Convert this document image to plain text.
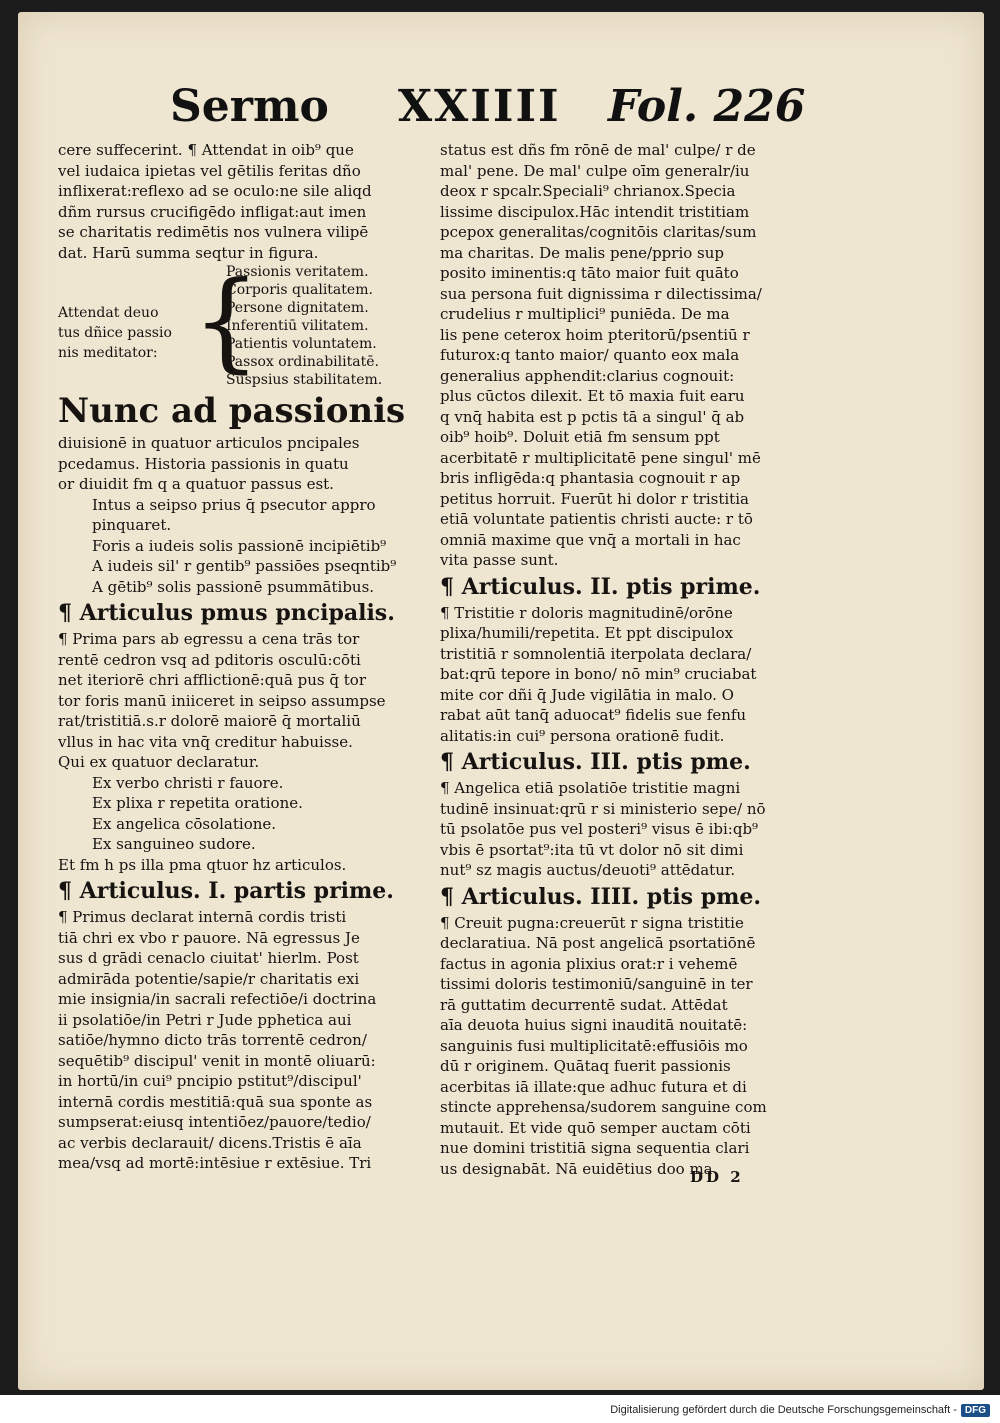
Sermo XXIIII Fol. 226
cere suffecerint. ¶ Attendat in oib⁹ que
vel iudaica ipietas vel gētilis feritas dño
inflixerat:reflexo ad se oculo:ne sile aliqd
dñm rursus crucifigēdo infligat:aut imen
se charitatis redimētis nos vulnera vilipē
dat. Harū summa seqtur in figura.
Attendat deuo
tus dñice passio
nis meditator: {
Passionis veritatem.
Corporis qualitatem.
Persone dignitatem.
Inferentiū vilitatem.
Patientis voluntatem.
Passox ordinabilitatē.
Suspsius stabilitatem.
Nunc ad passionis
diuisionē in quatuor articulos pncipales
pcedamus. Historia passionis in quatu
or diuidit fm q a quatuor passus est.
Intus a seipso prius q̄ psecutor appro
pinquaret.
Foris a iudeis solis passionē incipiētib⁹
A iudeis sil' r gentib⁹ passiōes pseqntib⁹
A gētib⁹ solis passionē psummātibus.
¶ Articulus pmus pncipalis.
¶ Prima pars ab egressu a cena trās tor
rentē cedron vsq ad pditoris osculū:cōti
net iteriorē chri afflictionē:quā pus q̄ tor
tor foris manū iniiceret in seipso assumpse
rat/tristitiā.s.r dolorē maiorē q̄ mortaliū
vllus in hac vita vnq̄ creditur habuisse.
Qui ex quatuor declaratur.
Ex verbo christi r fauore.
Ex plixa r repetita oratione.
Ex angelica cōsolatione.
Ex sanguineo sudore.
Et fm h ps illa pma qtuor hz articulos.
¶ Articulus. I. partis prime.
¶ Primus declarat internā cordis tristi
tiā chri ex vbo r pauore. Nā egressus Je
sus d grādi cenaclo ciuitat' hierlm. Post
admirāda potentie/sapie/r charitatis exi
mie insignia/in sacrali refectiōe/i doctrina
ii psolatiōe/in Petri r Jude pphetica aui
satiōe/hymno dicto trās torrentē cedron/
sequētib⁹ discipul' venit in montē oliuarū:
in hortū/in cui⁹ pncipio pstitut⁹/discipul'
internā cordis mestitiā:quā sua sponte as
sumpserat:eiusq intentiōez/pauore/tedio/
ac verbis declarauit/ dicens.Tristis ē aīa
mea/vsq ad mortē:intēsiue r extēsiue. Tri
status est dñs fm rōnē de mal' culpe/ r de
mal' pene. De mal' culpe oīm generalr/iu
deox r spcalr.Speciali⁹ chrianox.Specia
lissime discipulox.Hāc intendit tristitiam
pcepox generalitas/cognitōis claritas/sum
ma charitas. De malis pene/pprio sup
posito iminentis:q tāto maior fuit quāto
sua persona fuit dignissima r dilectissima/
crudelius r multiplici⁹ puniēda. De ma
lis pene ceterox hoim pteritorū/psentiū r
futurox:q tanto maior/ quanto eox mala
generalius apphendit:clarius cognouit:
plus cūctos dilexit. Et tō maxia fuit earu
q vnq̄ habita est p pctis tā a singul' q̄ ab
oib⁹ hoib⁹. Doluit etiā fm sensum ppt
acerbitatē r multiplicitatē pene singul' mē
bris infligēda:q phantasia cognouit r ap
petitus horruit. Fuerūt hi dolor r tristitia
etiā voluntate patientis christi aucte: r tō
omniā maxime que vnq̄ a mortali in hac
vita passe sunt.
¶ Articulus. II. ptis prime.
¶ Tristitie r doloris magnitudinē/orōne
plixa/humili/repetita. Et ppt discipulox
tristitiā r somnolentiā iterpolata declara/
bat:qrū tepore in bono/ nō min⁹ cruciabat
mite cor dñi q̄ Jude vigilātia in malo. O
rabat aūt tanq̄ aduocat⁹ fidelis sue fenfu
alitatis:in cui⁹ persona orationē fudit.
¶ Articulus. III. ptis pme.
¶ Angelica etiā psolatiōe tristitie magni
tudinē insinuat:qrū r si ministerio sepe/ nō
tū psolatōe pus vel posteri⁹ visus ē ibi:qb⁹
vbis ē psortat⁹:ita tū vt dolor nō sit dimi
nut⁹ sz magis auctus/deuoti⁹ attēdatur.
¶ Articulus. IIII. ptis pme.
¶ Creuit pugna:creuerūt r signa tristitie
declaratiua. Nā post angelicā psortatiōnē
factus in agonia plixius orat:r i vehemē
tissimi doloris testimoniū/sanguinē in ter
rā guttatim decurrentē sudat. Attēdat
aīa deuota huius signi inauditā nouitatē:
sanguinis fusi multiplicitatē:effusiōis mo
dū r originem. Quātaq fuerit passionis
acerbitas iā illate:que adhuc futura et di
stincte apprehensa/sudorem sanguine com
mutauit. Et vide quō semper auctam cōti
nue domini tristitiā signa sequentia clari
us designabāt. Nā euidētius doo ma
DD 2
Digitalisierung gefördert durch die Deutsche Forschungsgemeinschaft - DFG
